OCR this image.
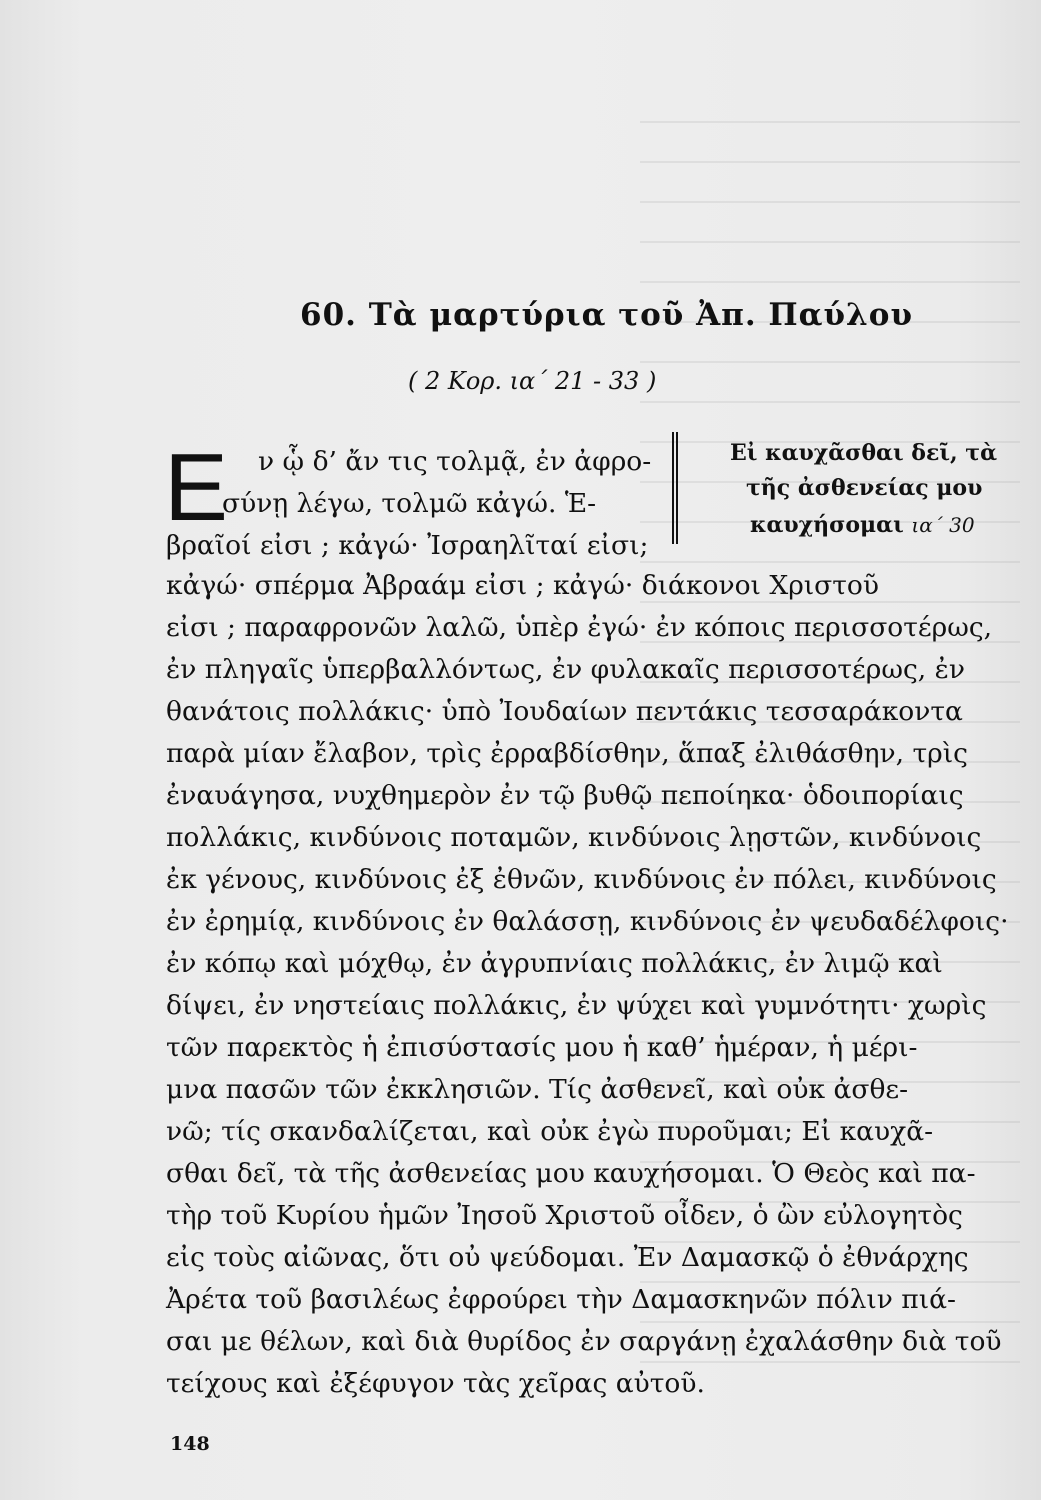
60. Τὰ μαρτύρια τοῦ Ἀπ. Παύλου
( 2 Κορ. ια΄ 21 - 33 )
Ε ν ᾧ δ’ ἄν τις τολμᾷ, ἐν ἀφρο-
σύνῃ λέγω, τολμῶ κἀγώ. Ἑ-
βραῖοί εἰσι ; κἀγώ· Ἰσραηλῖταί εἰσι;
Εἰ καυχᾶσθαι δεῖ, τὰ
τῆς ἀσθενείας μου
καυχήσομαι ια΄ 30
κἀγώ· σπέρμα Ἀβραάμ εἰσι ; κἀγώ· διάκονοι Χριστοῦ
εἰσι ; παραφρονῶν λαλῶ, ὑπὲρ ἐγώ· ἐν κόποις περισσοτέρως,
ἐν πληγαῖς ὑπερβαλλόντως, ἐν φυλακαῖς περισσοτέρως, ἐν
θανάτοις πολλάκις· ὑπὸ Ἰουδαίων πεντάκις τεσσαράκοντα
παρὰ μίαν ἔλαβον, τρὶς ἐρραβδίσθην, ἅπαξ ἐλιθάσθην, τρὶς
ἐναυάγησα, νυχθημερὸν ἐν τῷ βυθῷ πεποίηκα· ὁδοιπορίαις
πολλάκις, κινδύνοις ποταμῶν, κινδύνοις λῃστῶν, κινδύνοις
ἐκ γένους, κινδύνοις ἐξ ἐθνῶν, κινδύνοις ἐν πόλει, κινδύνοις
ἐν ἐρημίᾳ, κινδύνοις ἐν θαλάσσῃ, κινδύνοις ἐν ψευδαδέλφοις·
ἐν κόπῳ καὶ μόχθῳ, ἐν ἀγρυπνίαις πολλάκις, ἐν λιμῷ καὶ
δίψει, ἐν νηστείαις πολλάκις, ἐν ψύχει καὶ γυμνότητι· χωρὶς
τῶν παρεκτὸς ἡ ἐπισύστασίς μου ἡ καθ’ ἡμέραν, ἡ μέρι-
μνα πασῶν τῶν ἐκκλησιῶν. Τίς ἀσθενεῖ, καὶ οὐκ ἀσθε-
νῶ; τίς σκανδαλίζεται, καὶ οὐκ ἐγὼ πυροῦμαι; Εἰ καυχᾶ-
σθαι δεῖ, τὰ τῆς ἀσθενείας μου καυχήσομαι. Ὁ Θεὸς καὶ πα-
τὴρ τοῦ Κυρίου ἡμῶν Ἰησοῦ Χριστοῦ οἶδεν, ὁ ὢν εὐλογητὸς
εἰς τοὺς αἰῶνας, ὅτι οὐ ψεύδομαι. Ἐν Δαμασκῷ ὁ ἐθνάρχης
Ἀρέτα τοῦ βασιλέως ἐφρούρει τὴν Δαμασκηνῶν πόλιν πιά-
σαι με θέλων, καὶ διὰ θυρίδος ἐν σαργάνῃ ἐχαλάσθην διὰ τοῦ
τείχους καὶ ἐξέφυγον τὰς χεῖρας αὐτοῦ.
148
